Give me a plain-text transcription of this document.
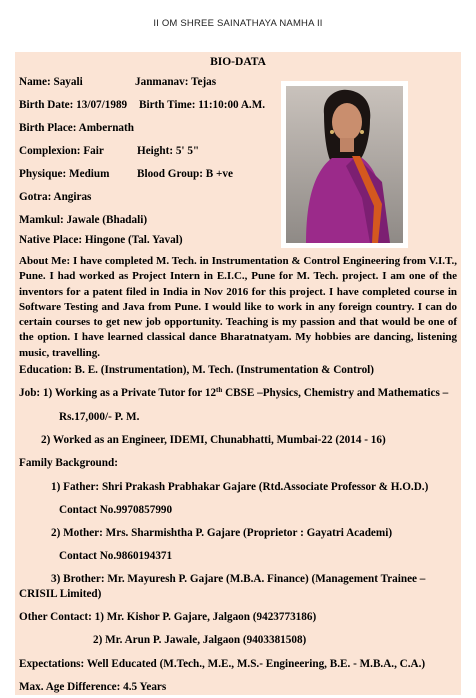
II OM SHREE SAINATHAYA NAMHA II
BIO-DATA
Name: Sayali	Janmanav: Tejas
Birth Date: 13/07/1989 Birth Time: 11:10:00 A.M.
Birth Place: Ambernath
Complexion: Fair	Height: 5' 5"
Physique: Medium Blood Group: B +ve
Gotra: Angiras
Mamkul: Jawale (Bhadali)
Native Place: Hingone (Tal. Yaval)
About Me: I have completed M. Tech. in Instrumentation & Control Engineering from V.I.T., Pune. I had worked as Project Intern in E.I.C., Pune for M. Tech. project. I am one of the inventors for a patent filed in India in Nov 2016 for this project. I have completed course in Software Testing and Java from Pune. I would like to work in any foreign country. I can do certain courses to get new job opportunity. Teaching is my passion and that would be one of the option. I have learned classical dance Bharatnatyam. My hobbies are dancing, listening music, travelling.
Education: B. E. (Instrumentation), M. Tech. (Instrumentation & Control)
Job: 1) Working as a Private Tutor for 12th CBSE –Physics, Chemistry and Mathematics –
Rs.17,000/- P. M.
2) Worked as an Engineer, IDEMI, Chunabhatti, Mumbai-22 (2014 - 16)
Family Background:
1) Father: Shri Prakash Prabhakar Gajare (Rtd.Associate Professor & H.O.D.)
Contact No.9970857990
2) Mother: Mrs. Sharmishtha P. Gajare (Proprietor : Gayatri Academi)
Contact No.9860194371
3) Brother: Mr. Mayuresh P. Gajare (M.B.A. Finance) (Management Trainee –
CRISIL Limited)
Other Contact: 1) Mr. Kishor P. Gajare, Jalgaon (9423773186)
2) Mr. Arun P. Jawale, Jalgaon (9403381508)
Expectations: Well Educated (M.Tech., M.E., M.S.- Engineering, B.E. - M.B.A., C.A.)
Max. Age Difference: 4.5 Years
